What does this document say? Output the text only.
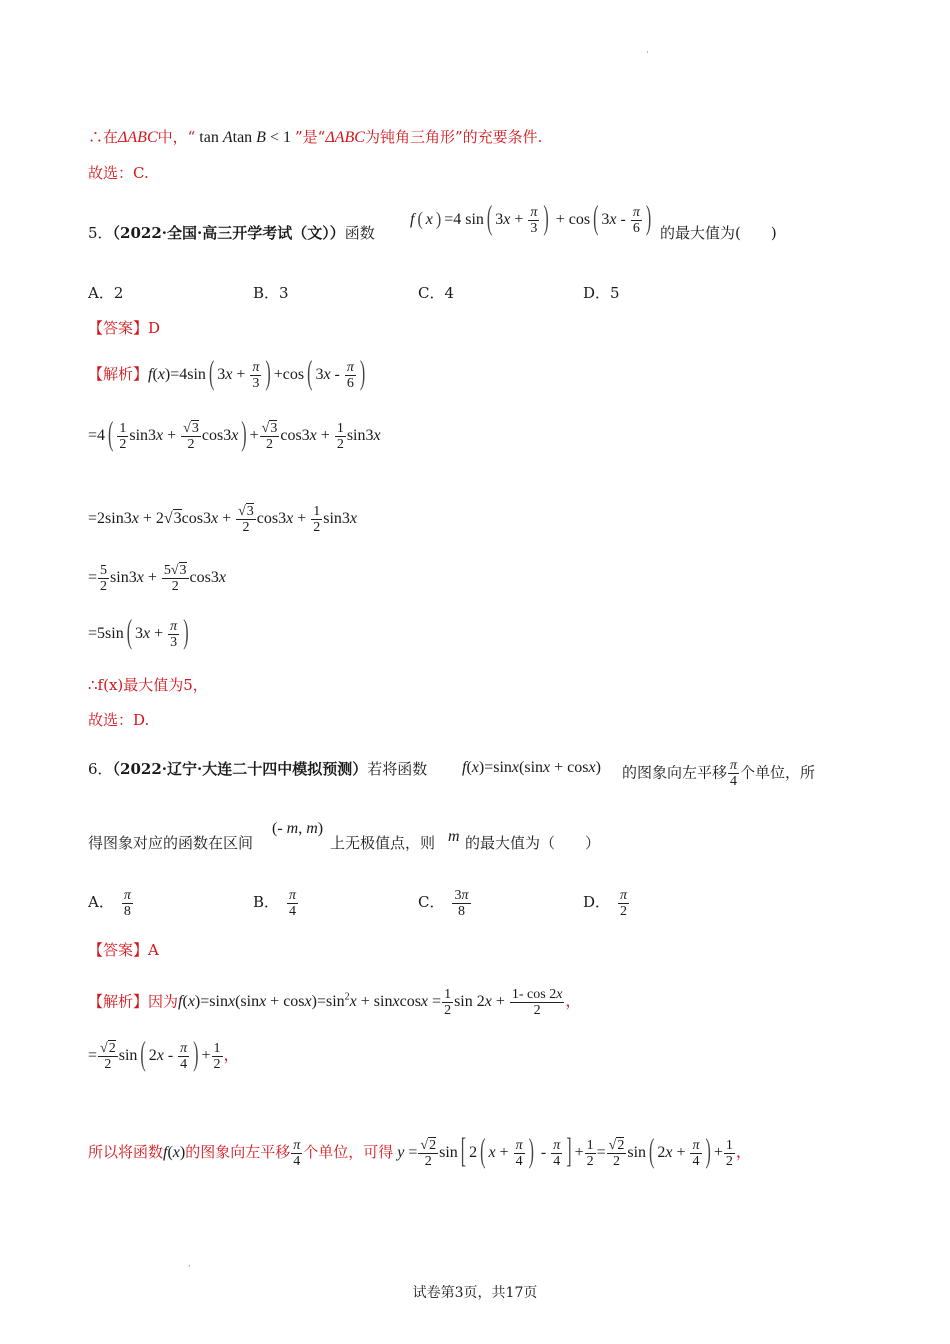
∴在ΔABC中，“ tan Atan B < 1 ”是“ΔABC为钝角三角形”的充要条件.
故选：C.
5．（2022·全国·高三开学考试（文））函数
f ( x ) =4 sin ( $3x + \frac{\pi}{3}$ ) + cos ( $3x - \frac{\pi}{6}$ ) 的最大值为(　　)
A．2	B．3	C．4	D．5
【答案】D
【解析】f(x)=4sin ( $3x + \frac{\pi}{3}$ ) +cos ( $3x - \frac{\pi}{6}$ )
=4 ( $\frac{1}{2} \sin 3x + \frac{√3}{2} \cos 3x$ ) + $\frac{√3}{2} \cos 3x + \frac{1}{2} \sin 3x$
$=2\sin 3x + 2√3\cos 3x + \frac{√3}{2} \cos 3x + \frac{1}{2} \sin 3x$
= $\frac{5}{2} \sin 3x + \frac{5√3}{2} \cos 3x$
=5sin ( $3x + \frac{\pi}{3}$ )
∴f(x)最大值为5，
故选：D.
6．（2022·辽宁·大连二十四中模拟预测）若将函数 f(x)=sinx(sinx + cosx) 的图象向左平移 $\frac{\pi}{4}$ 个单位，所
得图象对应的函数在区间
(- m, m)
上无极值点，则 m 的最大值为（　　）
A． $\frac{\pi}{8}$	B． $\frac{\pi}{4}$	C． $\frac{3\pi}{8}$	D． $\frac{\pi}{2}$
【答案】A
【解析】因为$f(x)=\sin x(\sin x + \cos x)=\sin^2x$ + sinxcosx = $\frac{1}{2}$ $\sin 2x + \frac{1- \cos 2x}{2}$ ，
= $\frac{√2}{2}$ sin ( $2x - \frac{\pi}{4}$ ) + $\frac{1}{2}$ ，
所以将函数f(x)的图象向左平移 $\frac{\pi}{4}$ 个单位，可得 $y = \frac{√2}{2}$ sin [ 2 ( $x + \frac{\pi}{4}$ ) - $\frac{\pi}{4}$ ] + $\frac{1}{2} = \frac{√2}{2}$ sin ( $2x + \frac{\pi}{4}$ ) + $\frac{1}{2}$ ，
·
·
试卷第3页，共17页
